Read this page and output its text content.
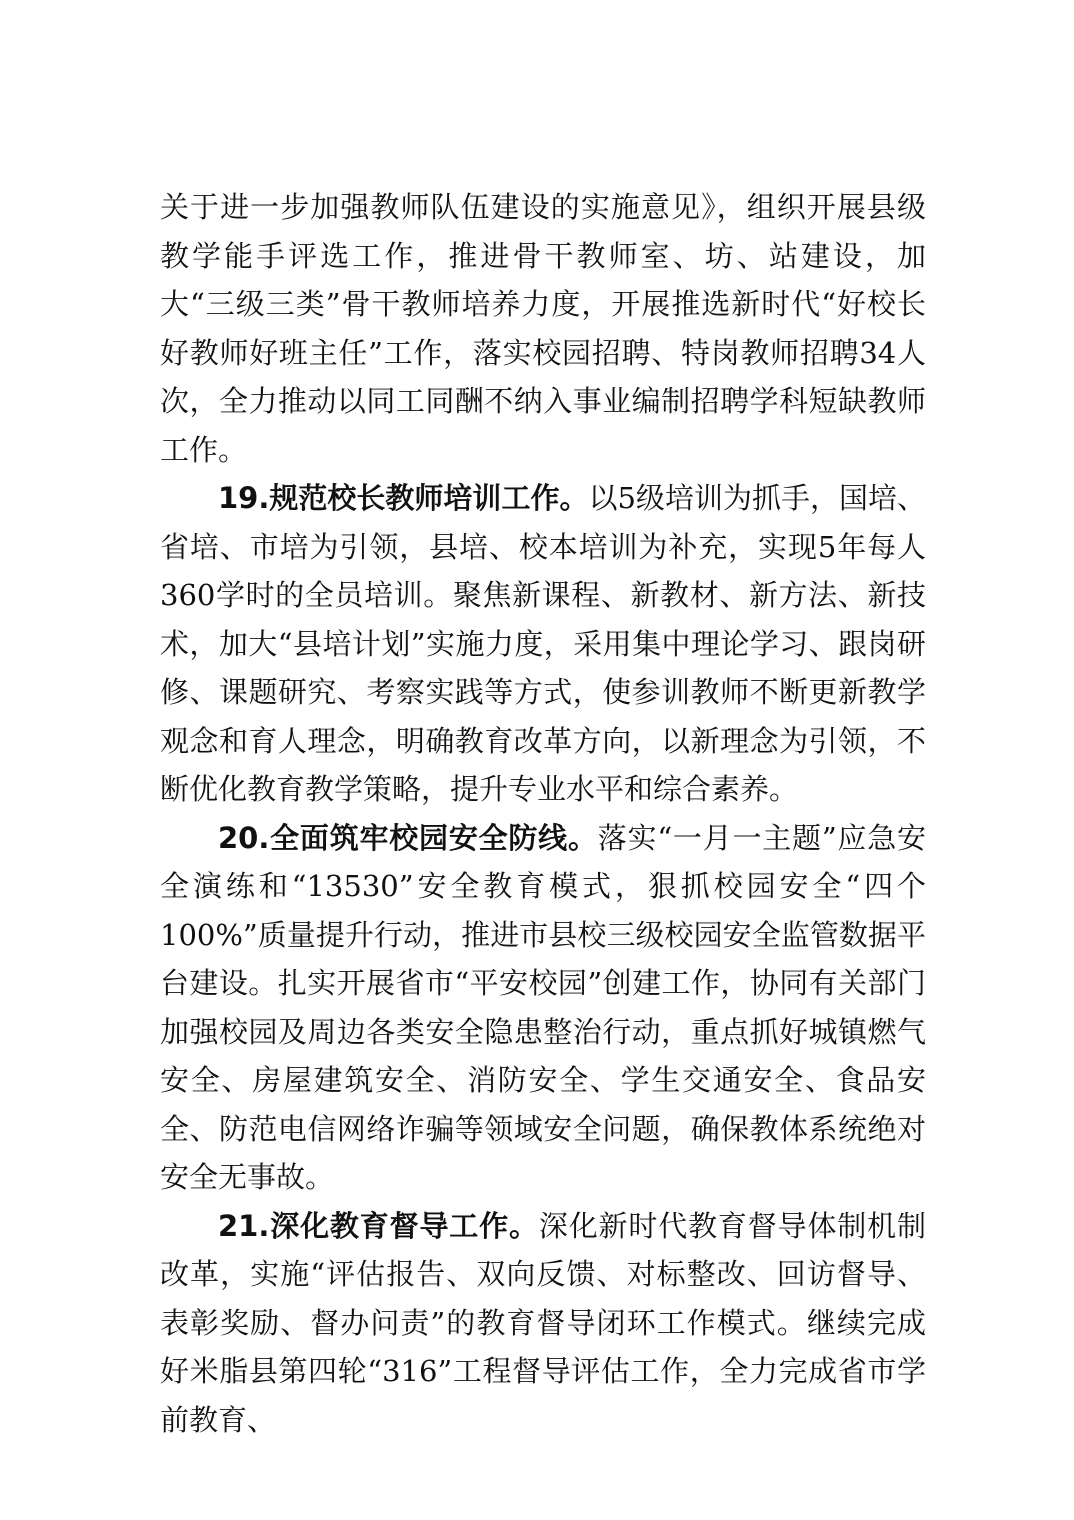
关于进一步加强教师队伍建设的实施意见》，组织开展县级教学能手评选工作，推进骨干教师室、坊、站建设，加大“三级三类”骨干教师培养力度，开展推选新时代“好校长好教师好班主任”工作，落实校园招聘、特岗教师招聘34人次，全力推动以同工同酬不纳入事业编制招聘学科短缺教师工作。

19.规范校长教师培训工作。以5级培训为抓手，国培、省培、市培为引领，县培、校本培训为补充，实现5年每人360学时的全员培训。聚焦新课程、新教材、新方法、新技术，加大“县培计划”实施力度，采用集中理论学习、跟岗研修、课题研究、考察实践等方式，使参训教师不断更新教学观念和育人理念，明确教育改革方向，以新理念为引领，不断优化教育教学策略，提升专业水平和综合素养。

20.全面筑牢校园安全防线。落实“一月一主题”应急安全演练和“13530”安全教育模式，狠抓校园安全“四个100%”质量提升行动，推进市县校三级校园安全监管数据平台建设。扎实开展省市“平安校园”创建工作，协同有关部门加强校园及周边各类安全隐患整治行动，重点抓好城镇燃气安全、房屋建筑安全、消防安全、学生交通安全、食品安全、防范电信网络诈骗等领域安全问题，确保教体系统绝对安全无事故。

21.深化教育督导工作。深化新时代教育督导体制机制改革，实施“评估报告、双向反馈、对标整改、回访督导、表彰奖励、督办问责”的教育督导闭环工作模式。继续完成好米脂县第四轮“316”工程督导评估工作，全力完成省市学前教育、
